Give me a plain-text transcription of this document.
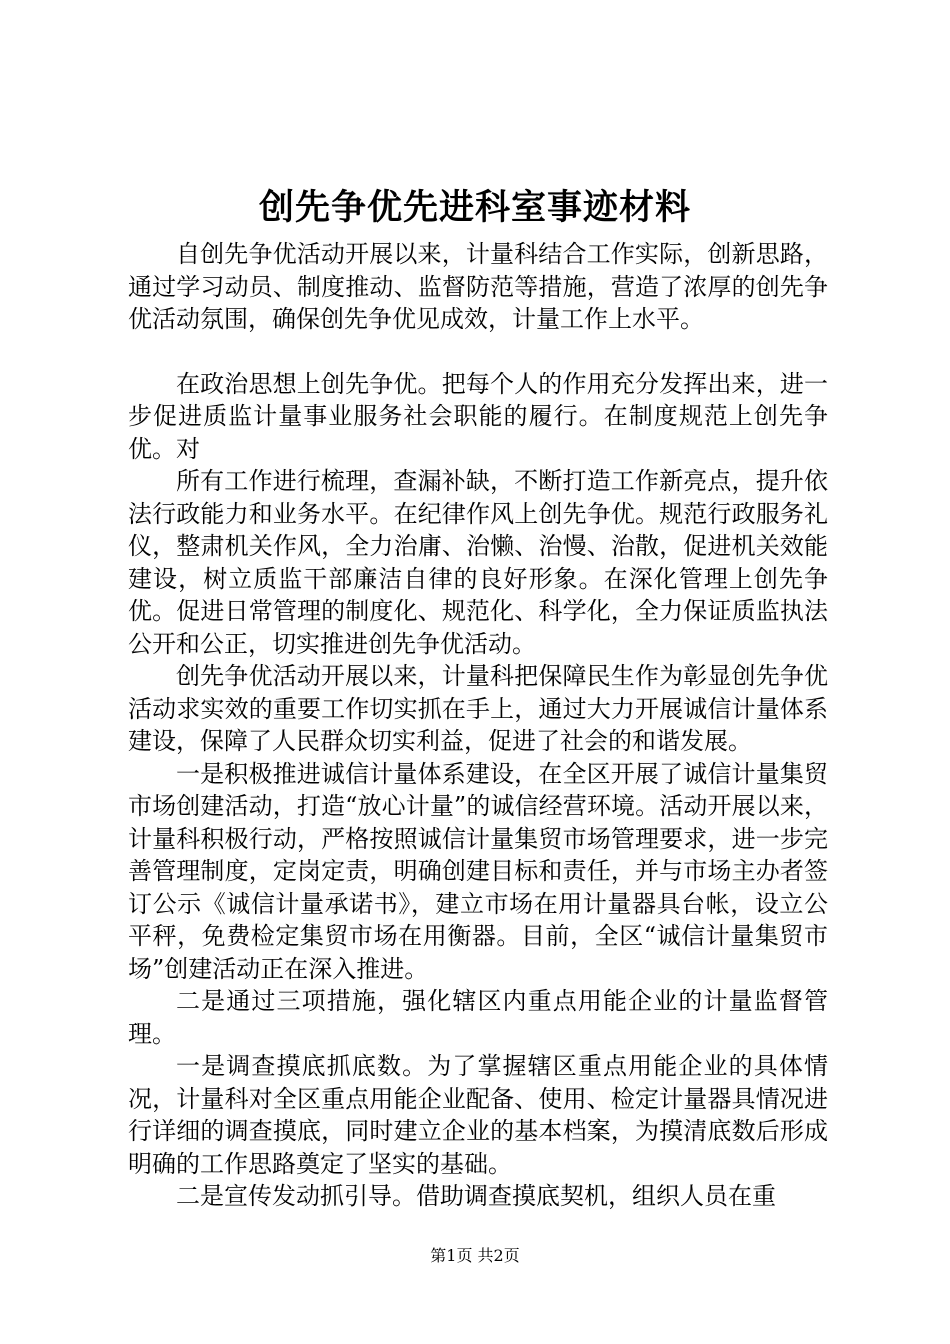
创先争优先进科室事迹材料

自创先争优活动开展以来，计量科结合工作实际，创新思路，通过学习动员、制度推动、监督防范等措施，营造了浓厚的创先争优活动氛围，确保创先争优见成效，计量工作上水平。

在政治思想上创先争优。把每个人的作用充分发挥出来，进一步促进质监计量事业服务社会职能的履行。在制度规范上创先争优。对

所有工作进行梳理，查漏补缺，不断打造工作新亮点，提升依法行政能力和业务水平。在纪律作风上创先争优。规范行政服务礼仪，整肃机关作风，全力治庸、治懒、治慢、治散，促进机关效能建设，树立质监干部廉洁自律的良好形象。在深化管理上创先争优。促进日常管理的制度化、规范化、科学化，全力保证质监执法公开和公正，切实推进创先争优活动。

创先争优活动开展以来，计量科把保障民生作为彰显创先争优活动求实效的重要工作切实抓在手上，通过大力开展诚信计量体系建设，保障了人民群众切实利益，促进了社会的和谐发展。

一是积极推进诚信计量体系建设，在全区开展了诚信计量集贸市场创建活动，打造“放心计量”的诚信经营环境。活动开展以来，计量科积极行动，严格按照诚信计量集贸市场管理要求，进一步完善管理制度，定岗定责，明确创建目标和责任，并与市场主办者签订公示《诚信计量承诺书》，建立市场在用计量器具台帐，设立公平秤，免费检定集贸市场在用衡器。目前，全区“诚信计量集贸市场”创建活动正在深入推进。

二是通过三项措施，强化辖区内重点用能企业的计量监督管理。

一是调查摸底抓底数。为了掌握辖区重点用能企业的具体情况，计量科对全区重点用能企业配备、使用、检定计量器具情况进行详细的调查摸底，同时建立企业的基本档案，为摸清底数后形成明确的工作思路奠定了坚实的基础。

二是宣传发动抓引导。借助调查摸底契机，组织人员在重

第1页 共2页
